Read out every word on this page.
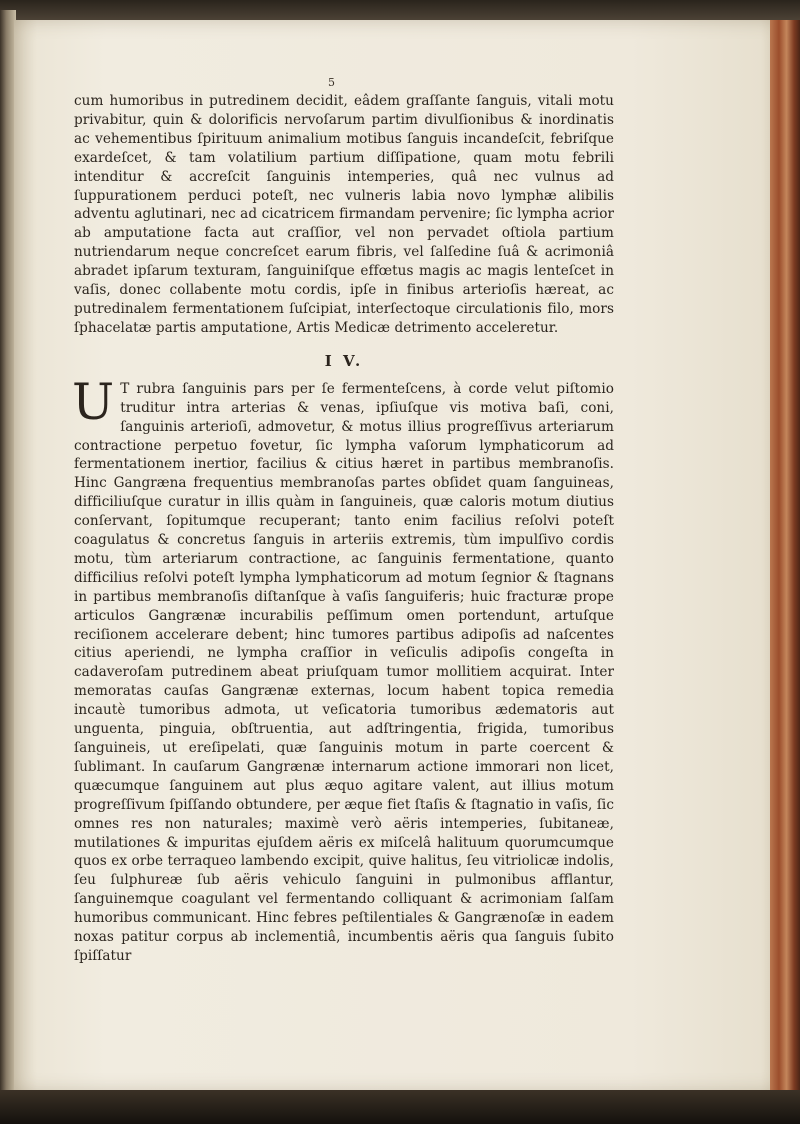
5

cum humoribus in putredinem decidit, eâdem graſſante ſanguis, vitali motu privabitur, quin & dolorificis nervoſarum partim divulſionibus & inordinatis ac vehementibus ſpirituum animalium motibus ſanguis incandeſcit, febriſque exardeſcet, & tam volatilium partium diſſipatione, quam motu febrili intenditur & accreſcit ſanguinis intemperies, quâ nec vulnus ad ſuppurationem perduci poteſt, nec vulneris labia novo lymphæ alibilis adventu aglutinari, nec ad cicatricem firmandam pervenire; ſic lympha acrior ab amputatione facta aut craſſior, vel non pervadet oſtiola partium nutriendarum neque concreſcet earum fibris, vel ſalſedine ſuâ & acrimoniâ abradet ipſarum texturam, ſanguiniſque effœtus magis ac magis lenteſcet in vaſis, donec collabente motu cordis, ipſe in finibus arterioſis hæreat, ac putredinalem fermentationem ſuſcipiat, interſectoque circulationis filo, mors ſphacelatæ partis amputatione, Artis Medicæ detrimento acceleretur.

I V.

U T rubra ſanguinis pars per ſe fermenteſcens, à corde velut piſtomio truditur intra arterias & venas, ipſiuſque vis motiva baſi, coni, ſanguinis arterioſi, admovetur, & motus illius progreſſivus arteriarum contractione perpetuo fovetur, ſic lympha vaſorum lymphaticorum ad fermentationem inertior, facilius & citius hæret in partibus membranoſis. Hinc Gangræna frequentius membranoſas partes obſidet quam ſanguineas, difficiliuſque curatur in illis quàm in ſanguineis, quæ caloris motum diutius conſervant, ſopitumque recuperant; tanto enim facilius reſolvi poteſt coagulatus & concretus ſanguis in arteriis extremis, tùm impulſivo cordis motu, tùm arteriarum contractione, ac ſanguinis fermentatione, quanto difficilius reſolvi poteſt lympha lymphaticorum ad motum ſegnior & ſtagnans in partibus membranoſis diſtanſque à vaſis ſanguiferis; huic fracturæ prope articulos Gangrænæ incurabilis peſſimum omen portendunt, artuſque reciſionem accelerare debent; hinc tumores partibus adipoſis ad naſcentes citius aperiendi, ne lympha craſſior in veſiculis adipoſis congeſta in cadaveroſam putredinem abeat priuſquam tumor mollitiem acquirat. Inter memoratas cauſas Gangrænæ externas, locum habent topica remedia incautè tumoribus admota, ut veſicatoria tumoribus ædematoris aut unguenta, pinguia, obſtruentia, aut adſtringentia, frigida, tumoribus ſanguineis, ut ereſipelati, quæ ſanguinis motum in parte coercent & ſublimant. In cauſarum Gangrænæ internarum actione immorari non licet, quæcumque ſanguinem aut plus æquo agitare valent, aut illius motum progreſſivum ſpiſſando obtundere, per æque fiet ſtaſis & ſtagnatio in vaſis, ſic omnes res non naturales; maximè verò aëris intemperies, ſubitaneæ, mutilationes & impuritas ejuſdem aëris ex miſcelâ halituum quorumcumque quos ex orbe terraqueo lambendo excipit, quive halitus, ſeu vitriolicæ indolis, ſeu ſulphureæ ſub aëris vehiculo ſanguini in pulmonibus afflantur, ſanguinemque coagulant vel fermentando colliquant & acrimoniam ſalſam humoribus communicant. Hinc febres peſtilentiales & Gangrænoſæ in eadem noxas patitur corpus ab inclementiâ, incumbentis aëris qua ſanguis ſubito ſpiſſatur
